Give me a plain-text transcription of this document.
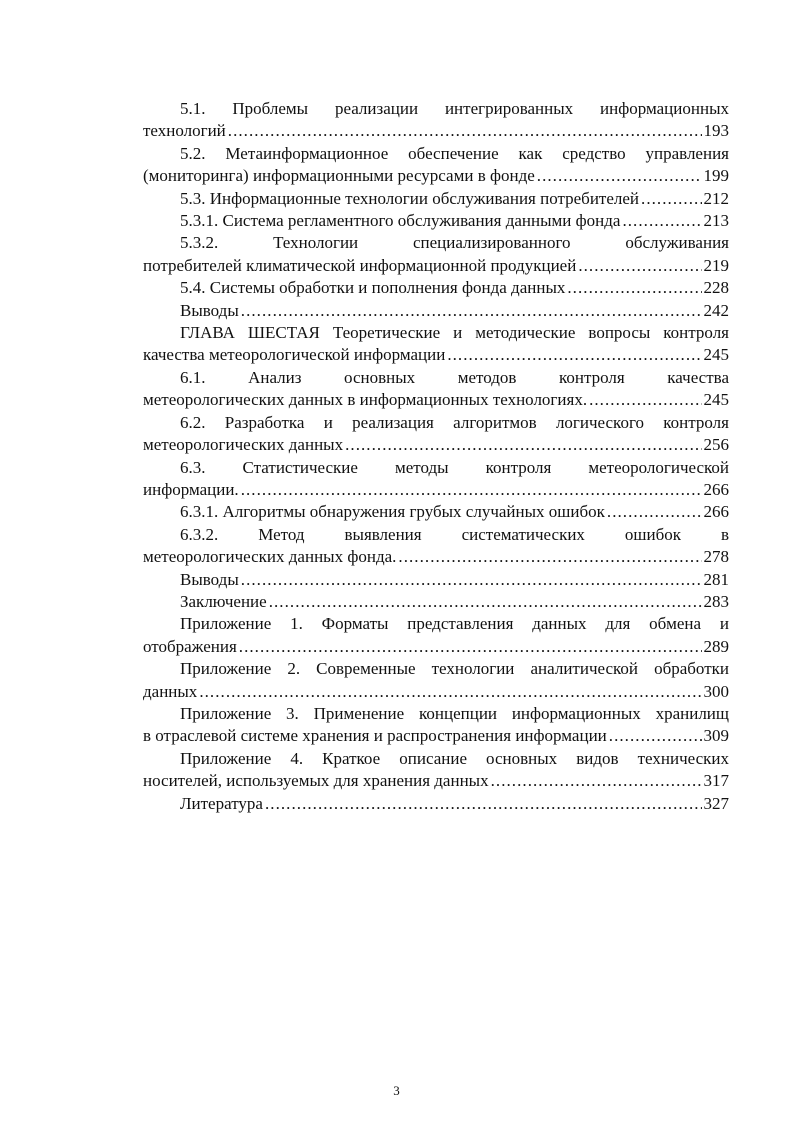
5.1. Проблемы реализации интегрированных информационных
технологий . . .	193
5.2. Метаинформационное обеспечение как средство управления
(мониторинга) информационными ресурсами в фонде . . .	199
5.3. Информационные технологии обслуживания потребителей . . .	212
5.3.1. Система регламентного обслуживания данными фонда . . .	213
5.3.2. Технологии специализированного обслуживания
потребителей климатической информационной продукцией . . .	219
5.4. Системы обработки и пополнения фонда данных . . .	228
Выводы . . .	242
ГЛАВА ШЕСТАЯ Теоретические и методические вопросы контроля
качества метеорологической информации . . .	245
6.1. Анализ основных методов контроля качества
метеорологических данных в информационных технологиях. . . .	245
6.2. Разработка и реализация алгоритмов логического контроля
метеорологических данных . . .	256
6.3. Статистические методы контроля метеорологической
информации. . . .	266
6.3.1. Алгоритмы обнаружения грубых случайных ошибок . . .	266
6.3.2. Метод выявления систематических ошибок в
метеорологических данных фонда. . . .	278
Выводы . . .	281
Заключение . . .	283
Приложение 1. Форматы представления данных для обмена и
отображения . . .	289
Приложение 2. Современные технологии аналитической обработки
данных . . .	300
Приложение 3. Применение концепции информационных хранилищ
в отраслевой системе хранения и распространения информации . . .	309
Приложение 4. Краткое описание основных видов технических
носителей, используемых для хранения данных . . .	317
Литература . . .	327
3
